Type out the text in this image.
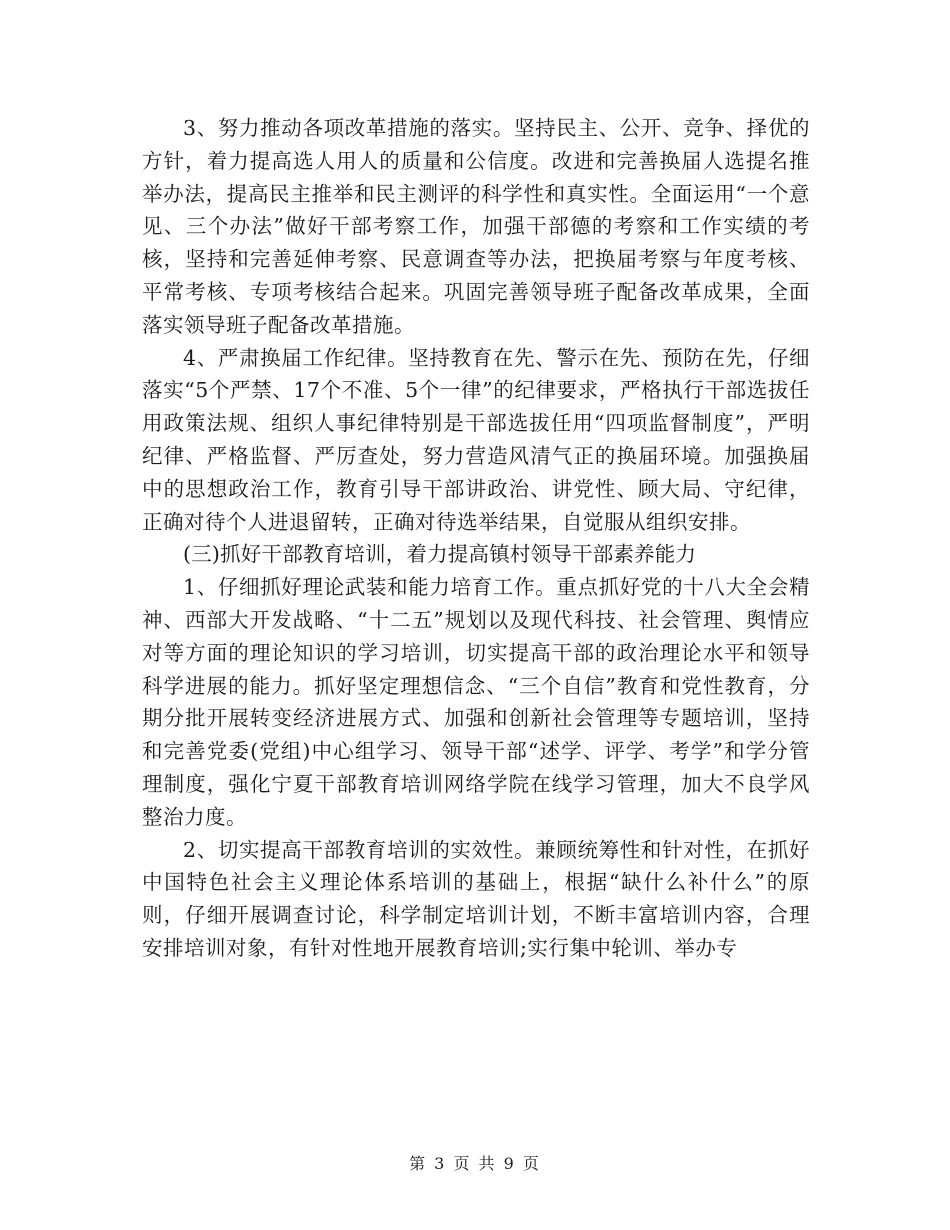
3、努力推动各项改革措施的落实。坚持民主、公开、竞争、择优的方针，着力提高选人用人的质量和公信度。改进和完善换届人选提名推举办法，提高民主推举和民主测评的科学性和真实性。全面运用“一个意见、三个办法”做好干部考察工作，加强干部德的考察和工作实绩的考核，坚持和完善延伸考察、民意调查等办法，把换届考察与年度考核、平常考核、专项考核结合起来。巩固完善领导班子配备改革成果，全面落实领导班子配备改革措施。

4、严肃换届工作纪律。坚持教育在先、警示在先、预防在先，仔细落实“5个严禁、17个不准、5个一律”的纪律要求，严格执行干部选拔任用政策法规、组织人事纪律特别是干部选拔任用“四项监督制度”，严明纪律、严格监督、严厉查处，努力营造风清气正的换届环境。加强换届中的思想政治工作，教育引导干部讲政治、讲党性、顾大局、守纪律，正确对待个人进退留转，正确对待选举结果，自觉服从组织安排。

(三)抓好干部教育培训，着力提高镇村领导干部素养能力

1、仔细抓好理论武装和能力培育工作。重点抓好党的十八大全会精神、西部大开发战略、“十二五”规划以及现代科技、社会管理、舆情应对等方面的理论知识的学习培训，切实提高干部的政治理论水平和领导科学进展的能力。抓好坚定理想信念、“三个自信”教育和党性教育，分期分批开展转变经济进展方式、加强和创新社会管理等专题培训，坚持和完善党委(党组)中心组学习、领导干部“述学、评学、考学”和学分管理制度，强化宁夏干部教育培训网络学院在线学习管理，加大不良学风整治力度。

2、切实提高干部教育培训的实效性。兼顾统筹性和针对性，在抓好中国特色社会主义理论体系培训的基础上，根据“缺什么补什么”的原则，仔细开展调查讨论，科学制定培训计划，不断丰富培训内容，合理安排培训对象，有针对性地开展教育培训;实行集中轮训、举办专

第 3 页 共 9 页
